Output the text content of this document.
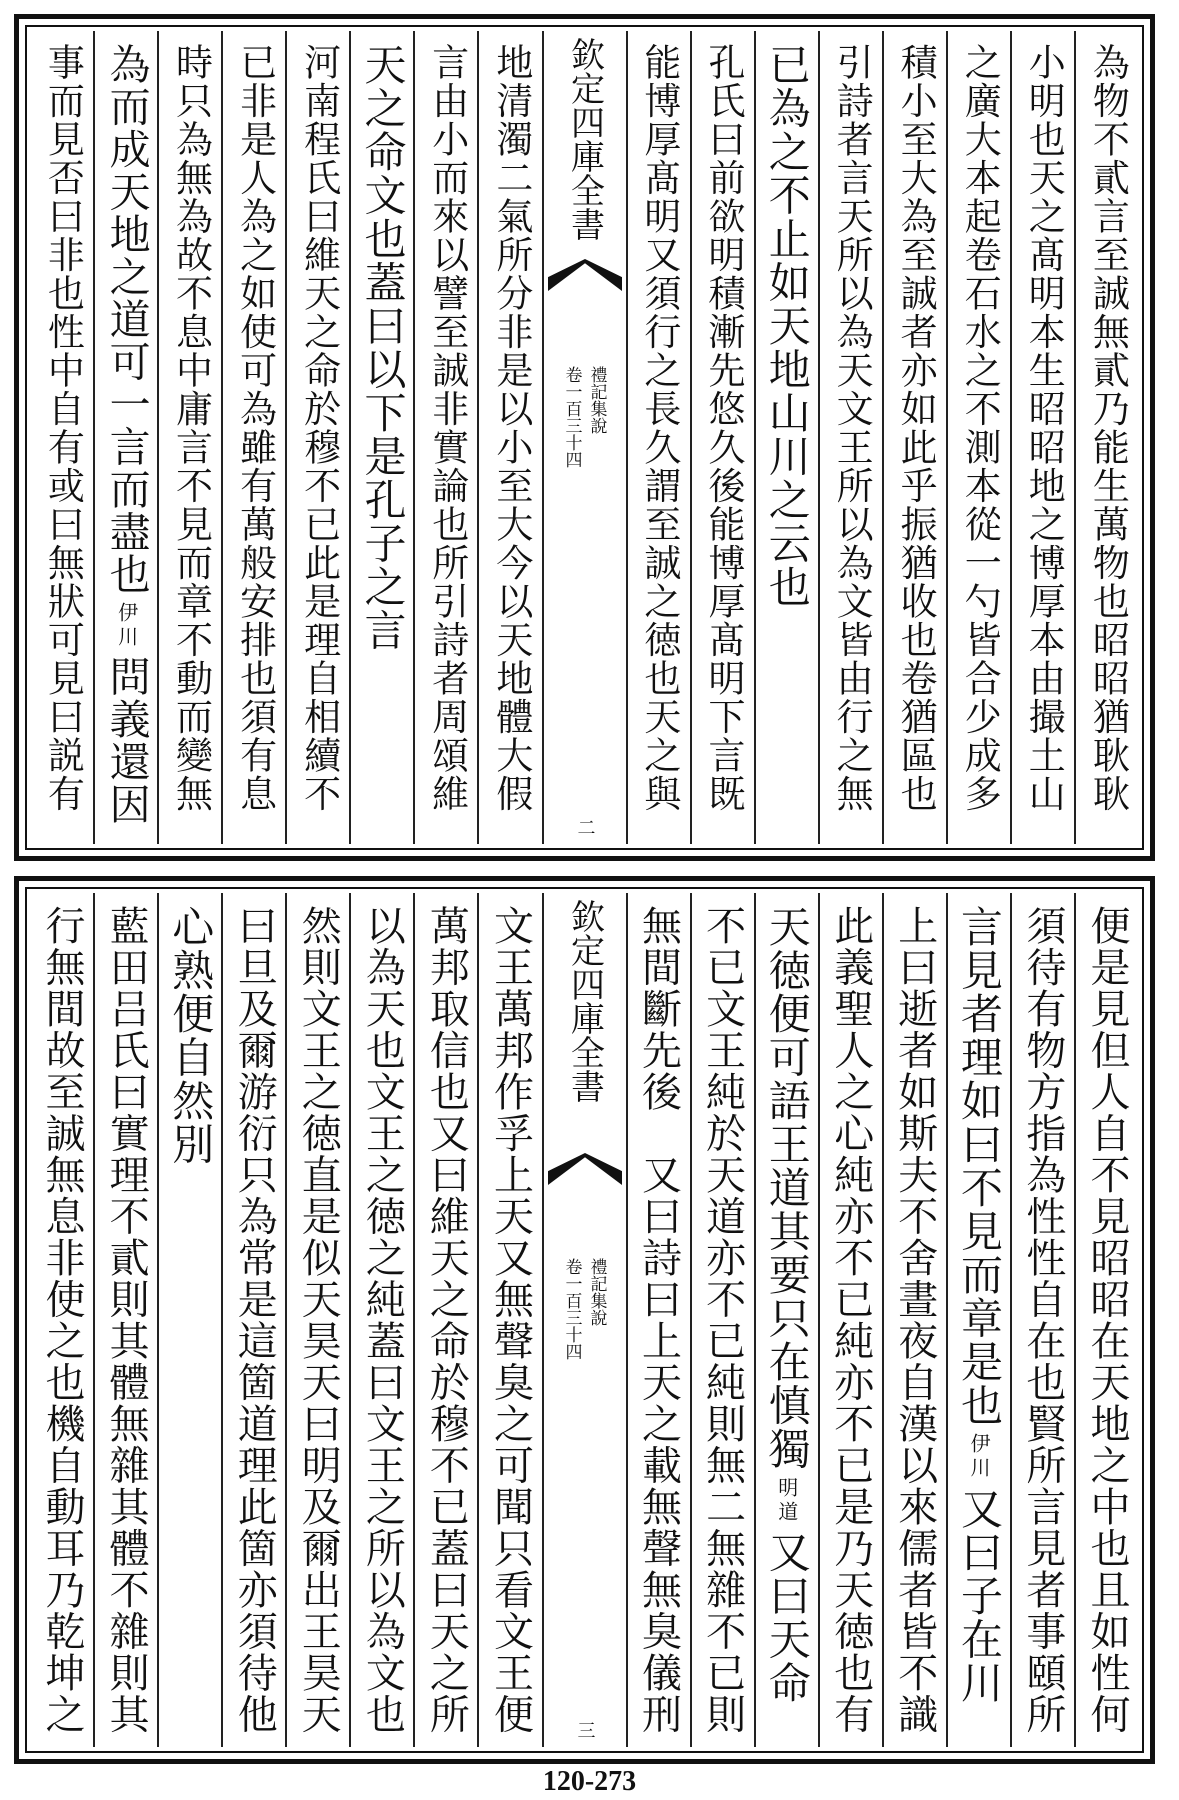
為物不貳言至誠無貳乃能生萬物也昭昭猶耿耿
小明也天之髙明本生昭昭地之博厚本由撮土山
之廣大本起卷石水之不測本從一勺皆合少成多
積小至大為至誠者亦如此乎振猶收也卷猶區也
引詩者言天所以為天文王所以為文皆由行之無
已為之不止如天地山川之云也
孔氏曰前欲明積漸先悠久後能博厚髙明下言既
能博厚髙明又須行之長久謂至誠之徳也天之與
欽定四庫全書
禮記集說
卷一百三十四
二
地清濁二氣所分非是以小至大今以天地體大假
言由小而來以譬至誠非實論也所引詩者周頌維
天之命文也蓋曰以下是孔子之言
河南程氏曰維天之命於穆不已此是理自相續不
已非是人為之如使可為雖有萬般安排也須有息
時只為無為故不息中庸言不見而章不動而變無
為而成天地之道可一言而盡也伊川問義還因
事而見否曰非也性中自有或曰無狀可見曰説有
便是見但人自不見昭昭在天地之中也且如性何
須待有物方指為性性自在也賢所言見者事頤所
言見者理如曰不見而章是也伊川又曰子在川
上曰逝者如斯夫不舍晝夜自漢以來儒者皆不識
此義聖人之心純亦不已純亦不已是乃天徳也有
天徳便可語王道其要只在慎獨明道又曰天命
不已文王純於天道亦不已純則無二無雜不已則
無間斷先後　又曰詩曰上天之載無聲無臭儀刑
欽定四庫全書
禮記集說
卷一百三十四
三
文王萬邦作孚上天又無聲臭之可聞只看文王便
萬邦取信也又曰維天之命於穆不已蓋曰天之所
以為天也文王之徳之純蓋曰文王之所以為文也
然則文王之徳直是似天昊天曰明及爾出王昊天
曰旦及爾游衍只為常是這箇道理此箇亦須待他
心熟便自然別
藍田吕氏曰實理不貳則其體無雜其體不雜則其
行無間故至誠無息非使之也機自動耳乃乾坤之
120-273
